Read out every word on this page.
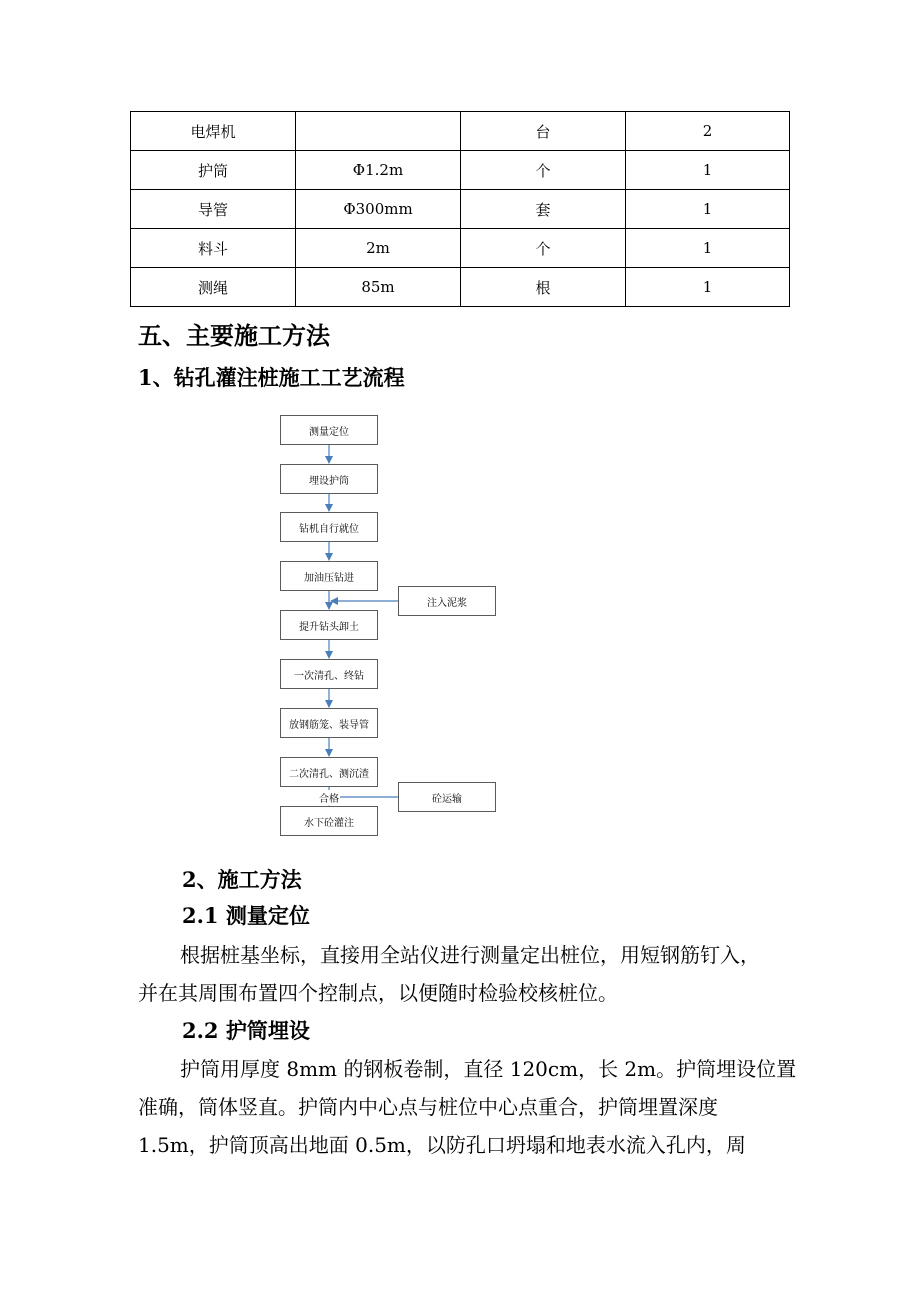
电焊机		台	2
护筒	Φ1.2m	个	1
导管	Φ300mm	套	1
料斗	2m	个	1
测绳	85m	根	1
五、主要施工方法
1、钻孔灌注桩施工工艺流程
测量定位
埋设护筒
钻机自行就位
加油压钻进
提升钻头卸土
一次清孔、终钻
放钢筋笼、装导管
二次清孔、测沉渣
水下砼灌注
注入泥浆
砼运输
合格
2、施工方法
2.1 测量定位
根据桩基坐标，直接用全站仪进行测量定出桩位，用短钢筋钉入，
并在其周围布置四个控制点，以便随时检验校核桩位。
2.2 护筒埋设
护筒用厚度 8mm 的钢板卷制，直径 120cm，长 2m。护筒埋设位置
准确，筒体竖直。护筒内中心点与桩位中心点重合，护筒埋置深度
1.5m，护筒顶高出地面 0.5m，以防孔口坍塌和地表水流入孔内，周
